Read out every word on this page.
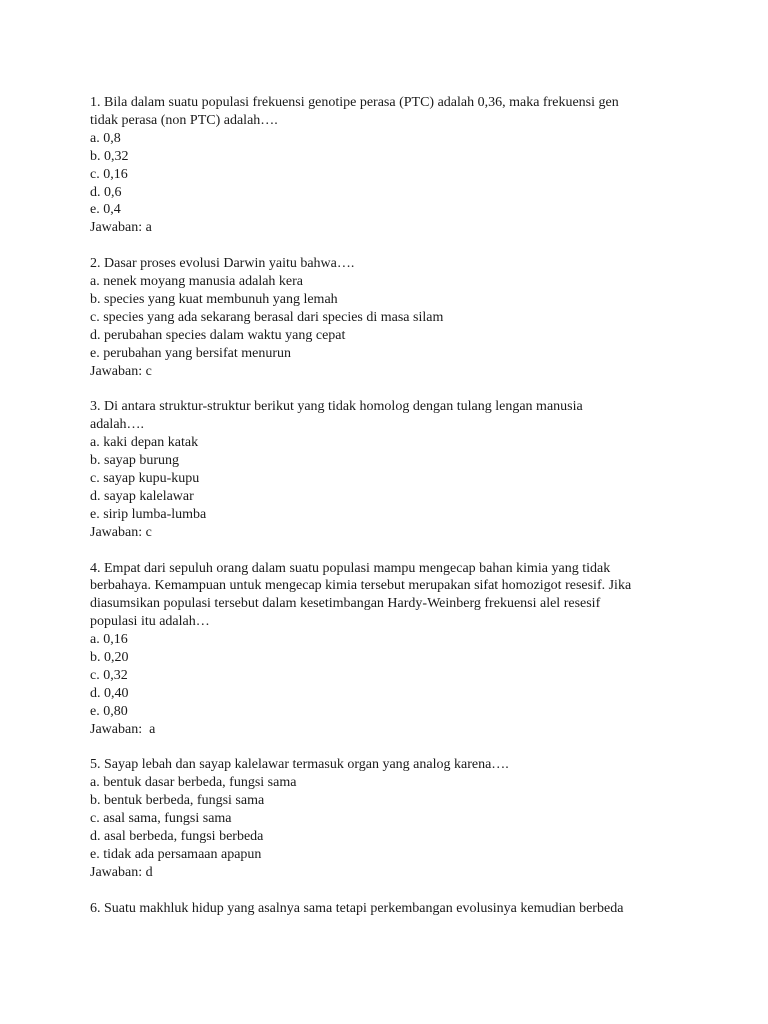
1. Bila dalam suatu populasi frekuensi genotipe perasa (PTC) adalah 0,36, maka frekuensi gen
tidak perasa (non PTC) adalah….
a. 0,8
b. 0,32
c. 0,16
d. 0,6
e. 0,4
Jawaban: a
2. Dasar proses evolusi Darwin yaitu bahwa….
a. nenek moyang manusia adalah kera
b. species yang kuat membunuh yang lemah
c. species yang ada sekarang berasal dari species di masa silam
d. perubahan species dalam waktu yang cepat
e. perubahan yang bersifat menurun
Jawaban: c
3. Di antara struktur-struktur berikut yang tidak homolog dengan tulang lengan manusia
adalah….
a. kaki depan katak
b. sayap burung
c. sayap kupu-kupu
d. sayap kalelawar
e. sirip lumba-lumba
Jawaban: c
4. Empat dari sepuluh orang dalam suatu populasi mampu mengecap bahan kimia yang tidak
berbahaya. Kemampuan untuk mengecap kimia tersebut merupakan sifat homozigot resesif. Jika
diasumsikan populasi tersebut dalam kesetimbangan Hardy-Weinberg frekuensi alel resesif
populasi itu adalah…
a. 0,16
b. 0,20
c. 0,32
d. 0,40
e. 0,80
Jawaban:  a
5. Sayap lebah dan sayap kalelawar termasuk organ yang analog karena….
a. bentuk dasar berbeda, fungsi sama
b. bentuk berbeda, fungsi sama
c. asal sama, fungsi sama
d. asal berbeda, fungsi berbeda
e. tidak ada persamaan apapun
Jawaban: d
6. Suatu makhluk hidup yang asalnya sama tetapi perkembangan evolusinya kemudian berbeda
